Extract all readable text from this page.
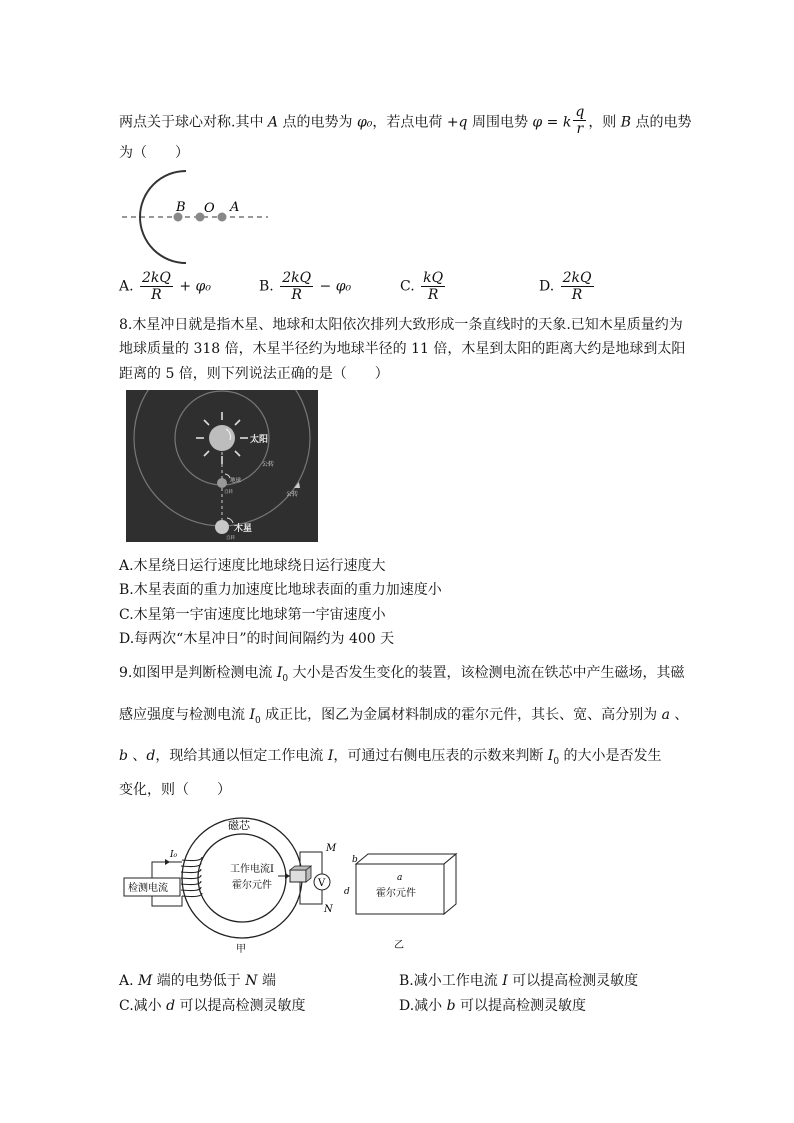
两点关于球心对称.其中 A 点的电势为 φ₀，若点电荷 +q 周围电势 φ = k $\frac{q}{r}$ ，则 B 点的电势
为（　　）
B O A
A. $\frac{2kQ}{R} + \varphi_0$	B. $\frac{2kQ}{R} - \varphi_0$	C. $\frac{kQ}{R}$	D. $\frac{2kQ}{R}$
8.木星冲日就是指木星、地球和太阳依次排列大致形成一条直线时的天象.已知木星质量约为
地球质量的 318 倍，木星半径约为地球半径的 11 倍，木星到太阳的距离大约是地球到太阳
距离的 5 倍，则下列说法正确的是（　　）
太阳
公转
地球
自转	公转
木星
自转
A.木星绕日运行速度比地球绕日运行速度大
B.木星表面的重力加速度比地球表面的重力加速度小
C.木星第一宇宙速度比地球第一宇宙速度小
D.每两次“木星冲日”的时间间隔约为 400 天
9.如图甲是判断检测电流 $I_0$ 大小是否发生变化的装置，该检测电流在铁芯中产生磁场，其磁
感应强度与检测电流 $I_0$ 成正比，图乙为金属材料制成的霍尔元件，其长、宽、高分别为 a 、
b 、d，现给其通以恒定工作电流 I，可通过右侧电压表的示数来判断 $I_0$ 的大小是否发生
变化，则（　　）
磁芯
检测电流
I₀
工作电流I
霍尔元件	V
M
N
甲
b
a
d	霍尔元件
乙
A. M 端的电势低于 N 端	B.减小工作电流 I 可以提高检测灵敏度
C.减小 d 可以提高检测灵敏度	D.减小 b 可以提高检测灵敏度
